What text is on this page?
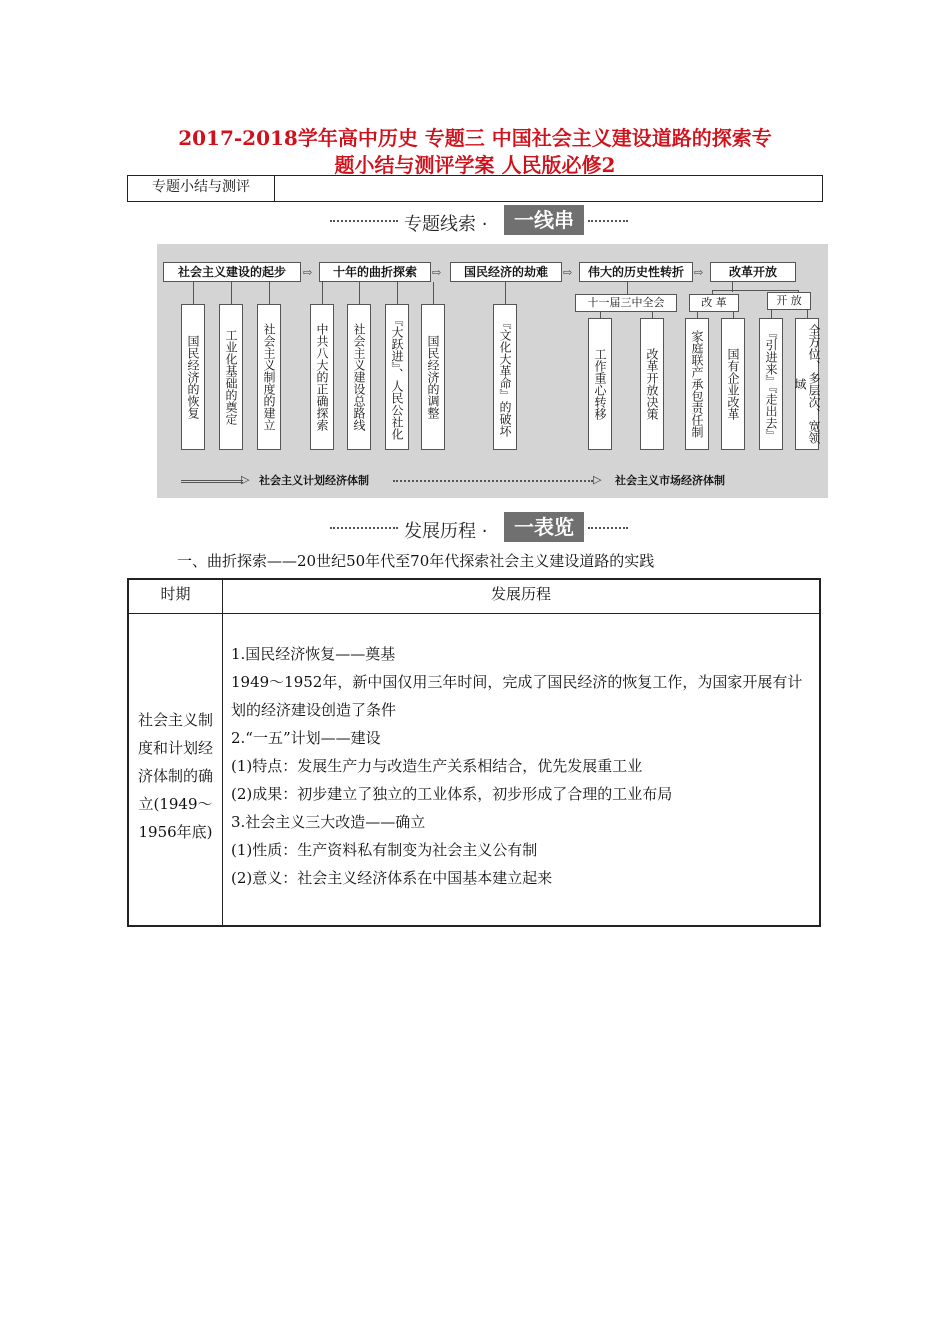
2017-2018学年高中历史 专题三 中国社会主义建设道路的探索专
题小结与测评学案 人民版必修2
专题小结与测评
专题线索 ·	一线串
社会主义建设的起步	⇨	十年的曲折探索	⇨	国民经济的劫难	⇨	伟大的历史性转折 ⇨	改革开放
国民经济的恢复	工业化基础的奠定	社会主义制度的建立	中共八大的正确探索	社会主义建设总路线	『大跃进』、人民公社化	国民经济的调整	『文化大革命』的破坏
十一届三中全会
工作重心转移	改革开放决策
改 革
家庭联产承包责任制	国有企业改革
开 放
『引进来』『走出去』	全方位、多层次、宽领域
▷ 社会主义计划经济体制	▷ 社会主义市场经济体制
发展历程 ·	一表览
一、曲折探索——20世纪50年代至70年代探索社会主义建设道路的实践
时期	发展历程
社会主义制度和计划经济体制的确立(1949～1956年底)
1.国民经济恢复——奠基
1949～1952年，新中国仅用三年时间，完成了国民经济的恢复工作，为国家开展有计划的经济建设创造了条件
2.“一五”计划——建设
(1)特点：发展生产力与改造生产关系相结合，优先发展重工业
(2)成果：初步建立了独立的工业体系，初步形成了合理的工业布局
3.社会主义三大改造——确立
(1)性质：生产资料私有制变为社会主义公有制
(2)意义：社会主义经济体系在中国基本建立起来
